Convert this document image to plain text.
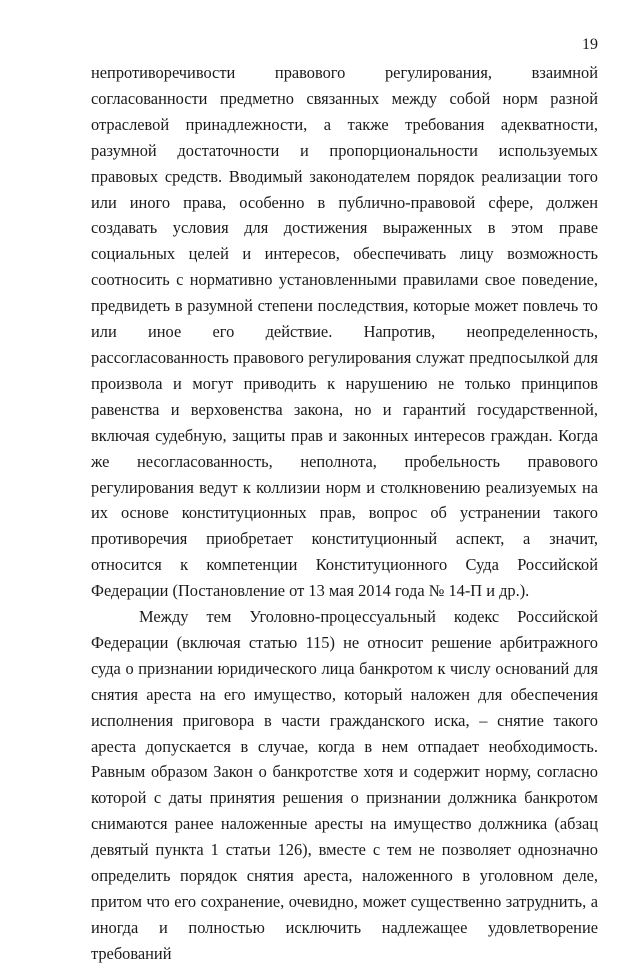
19

непротиворечивости правового регулирования, взаимной согласованности предметно связанных между собой норм разной отраслевой принадлежности, а также требования адекватности, разумной достаточности и пропорциональности используемых правовых средств. Вводимый законодателем порядок реализации того или иного права, особенно в публично-правовой сфере, должен создавать условия для достижения выраженных в этом праве социальных целей и интересов, обеспечивать лицу возможность соотносить с нормативно установленными правилами свое поведение, предвидеть в разумной степени последствия, которые может повлечь то или иное его действие. Напротив, неопределенность, рассогласованность правового регулирования служат предпосылкой для произвола и могут приводить к нарушению не только принципов равенства и верховенства закона, но и гарантий государственной, включая судебную, защиты прав и законных интересов граждан. Когда же несогласованность, неполнота, пробельность правового регулирования ведут к коллизии норм и столкновению реализуемых на их основе конституционных прав, вопрос об устранении такого противоречия приобретает конституционный аспект, а значит, относится к компетенции Конституционного Суда Российской Федерации (Постановление от 13 мая 2014 года № 14-П и др.).

Между тем Уголовно-процессуальный кодекс Российской Федерации (включая статью 115) не относит решение арбитражного суда о признании юридического лица банкротом к числу оснований для снятия ареста на его имущество, который наложен для обеспечения исполнения приговора в части гражданского иска, – снятие такого ареста допускается в случае, когда в нем отпадает необходимость. Равным образом Закон о банкротстве хотя и содержит норму, согласно которой с даты принятия решения о признании должника банкротом снимаются ранее наложенные аресты на имущество должника (абзац девятый пункта 1 статьи 126), вместе с тем не позволяет однозначно определить порядок снятия ареста, наложенного в уголовном деле, притом что его сохранение, очевидно, может существенно затруднить, а иногда и полностью исключить надлежащее удовлетворение требований
